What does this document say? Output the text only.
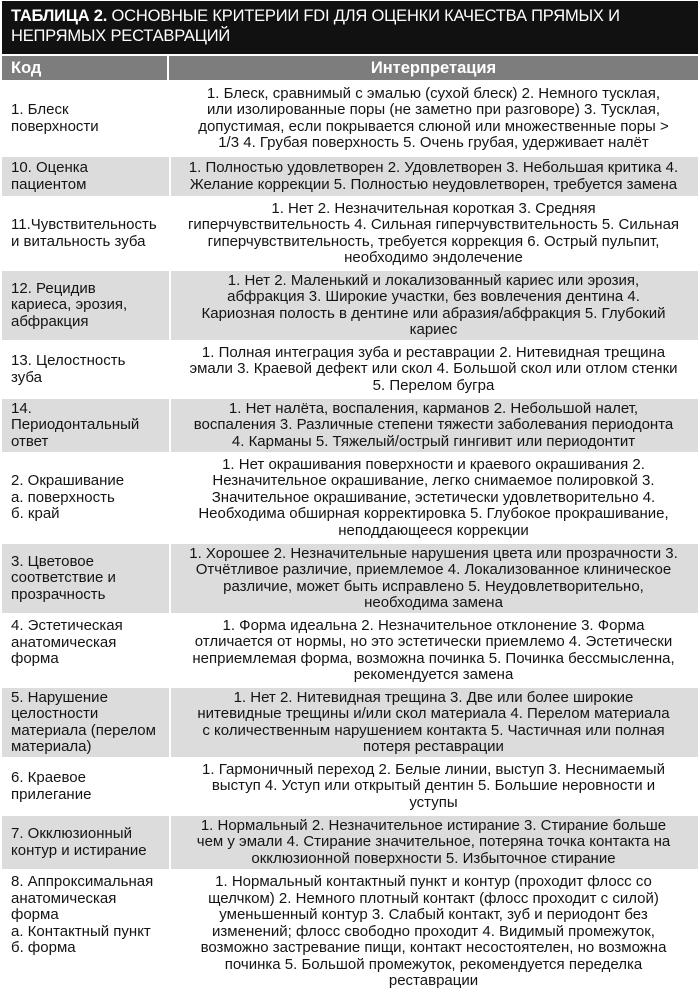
ТАБЛИЦА 2. ОСНОВНЫЕ КРИТЕРИИ FDI ДЛЯ ОЦЕНКИ КАЧЕСТВА ПРЯМЫХ И НЕПРЯМЫХ РЕСТАВРАЦИЙ
Код	Интерпретация
1. Блеск
поверхности
1. Блеск, сравнимый с эмалью (сухой блеск) 2. Немного тусклая,
или изолированные поры (не заметно при разговоре) 3. Тусклая,
допустимая, если покрывается слюной или множественные поры >
1/3 4. Грубая поверхность 5. Очень грубая, удерживает налёт
10. Оценка
пациентом
1. Полностью удовлетворен 2. Удовлетворен 3. Небольшая критика 4.
Желание коррекции 5. Полностью неудовлетворен, требуется замена
11.Чувствительность
и витальность зуба
1. Нет 2. Незначительная короткая 3. Средняя
гиперчувствительность 4. Сильная гиперчувствительность 5. Сильная
гиперчувствительность, требуется коррекция 6. Острый пульпит,
необходимо эндолечение
12. Рецидив
кариеса, эрозия,
абфракция
1. Нет 2. Маленький и локализованный кариес или эрозия,
абфракция 3. Широкие участки, без вовлечения дентина 4.
Кариозная полость в дентине или абразия/абфракция 5. Глубокий
кариес
13. Целостность
зуба
1. Полная интеграция зуба и реставрации 2. Нитевидная трещина
эмали 3. Краевой дефект или скол 4. Большой скол или отлом стенки
5. Перелом бугра
14.
Периодонтальный
ответ
1. Нет налёта, воспаления, карманов 2. Небольшой налет,
воспаления 3. Различные степени тяжести заболевания периодонта
4. Карманы 5. Тяжелый/острый гингивит или периодонтит
2. Окрашивание
а. поверхность
б. край
1. Нет окрашивания поверхности и краевого окрашивания 2.
Незначительное окрашивание, легко снимаемое полировкой 3.
Значительное окрашивание, эстетически удовлетворительно 4.
Необходима обширная корректировка 5. Глубокое прокрашивание,
неподдающееся коррекции
3. Цветовое
соответствие и
прозрачность
1. Хорошее 2. Незначительные нарушения цвета или прозрачности 3.
Отчётливое различие, приемлемое 4. Локализованное клиническое
различие, может быть исправлено 5. Неудовлетворительно,
необходима замена
4. Эстетическая
анатомическая
форма
1. Форма идеальна 2. Незначительное отклонение 3. Форма
отличается от нормы, но это эстетически приемлемо 4. Эстетически
неприемлемая форма, возможна починка 5. Починка бессмысленна,
рекомендуется замена
5. Нарушение
целостности
материала (перелом
материала)
1. Нет 2. Нитевидная трещина 3. Две или более широкие
нитевидные трещины и/или скол материала 4. Перелом материала
с количественным нарушением контакта 5. Частичная или полная
потеря реставрации
6. Краевое
прилегание
1. Гармоничный переход 2. Белые линии, выступ 3. Неснимаемый
выступ 4. Уступ или открытый дентин 5. Большие неровности и
уступы
7. Окклюзионный
контур и истирание
1. Нормальный 2. Незначительное истирание 3. Стирание больше
чем у эмали 4. Стирание значительное, потеряна точка контакта на
окклюзионной поверхности 5. Избыточное стирание
8. Аппроксимальная
анатомическая
форма
а. Контактный пункт
б. форма
1. Нормальный контактный пункт и контур (проходит флосс со
щелчком) 2. Немного плотный контакт (флосс проходит с силой)
уменьшенный контур 3. Слабый контакт, зуб и периодонт без
изменений; флосс свободно проходит 4. Видимый промежуток,
возможно застревание пищи, контакт несостоятелен, но возможна
починка 5. Большой промежуток, рекомендуется переделка
реставрации
